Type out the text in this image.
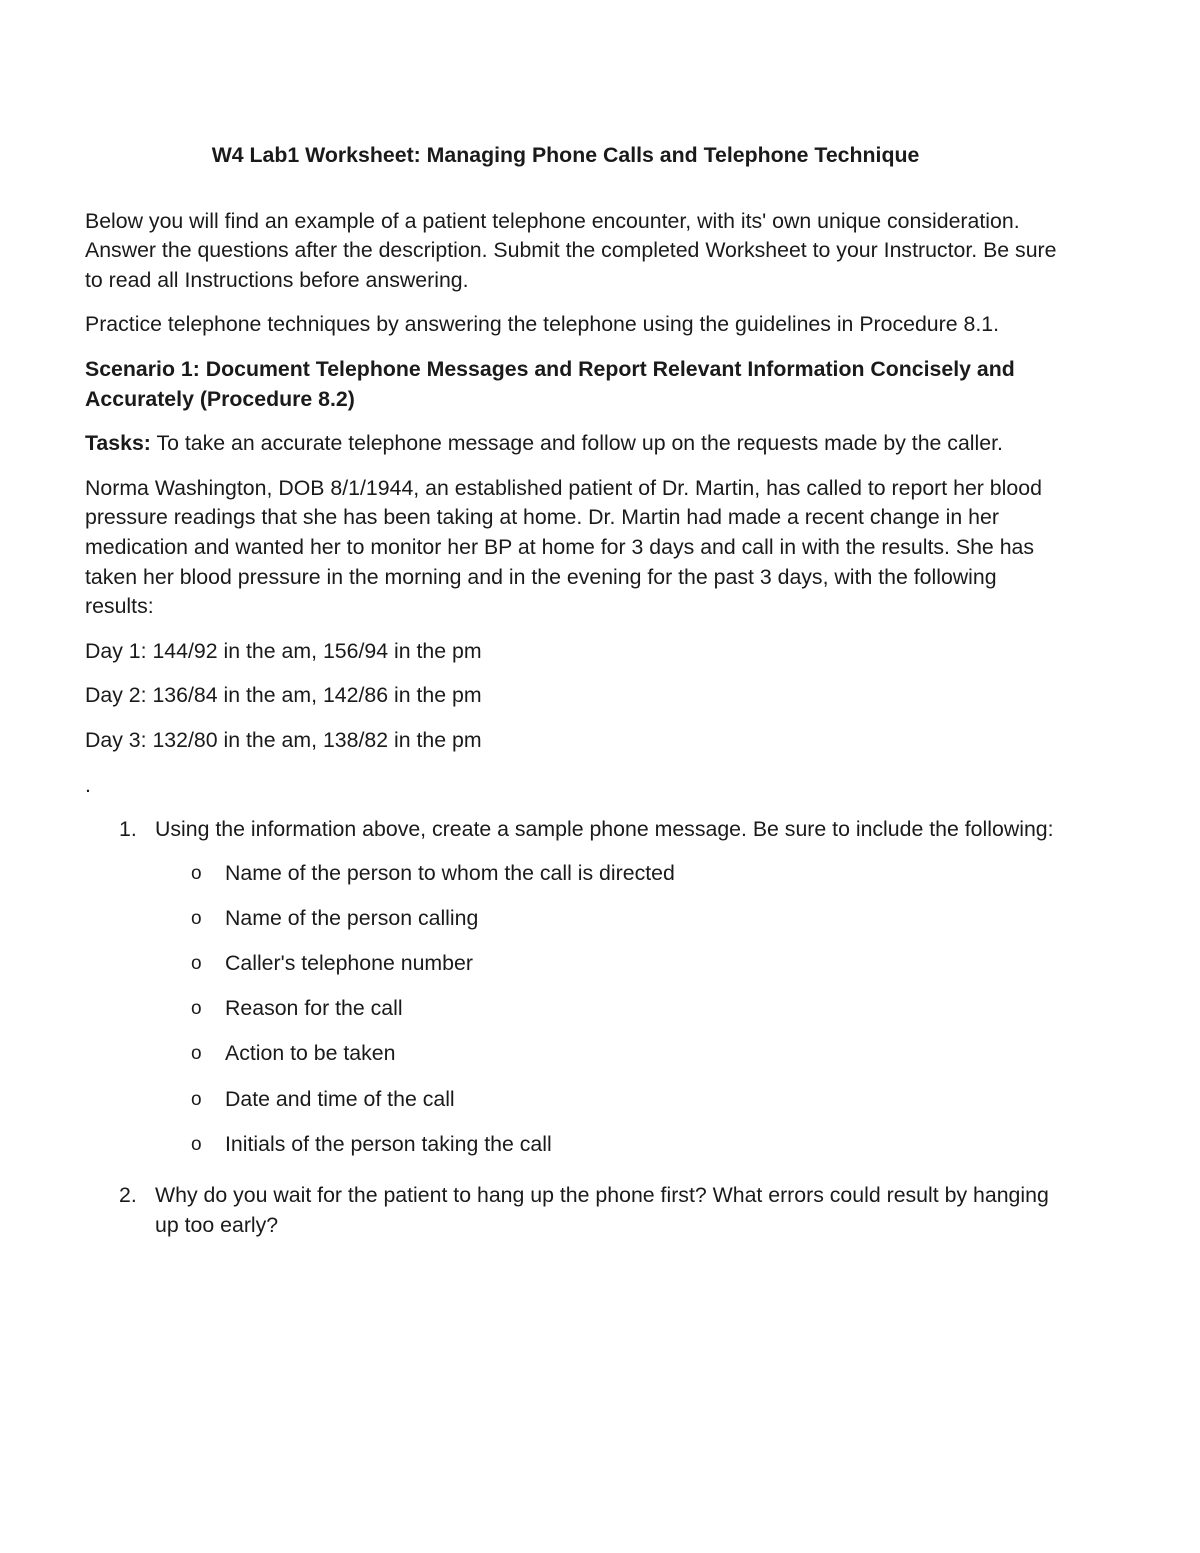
W4 Lab1 Worksheet: Managing Phone Calls and Telephone Technique

Below you will find an example of a patient telephone encounter, with its' own unique consideration. Answer the questions after the description. Submit the completed Worksheet to your Instructor. Be sure to read all Instructions before answering.

Practice telephone techniques by answering the telephone using the guidelines in Procedure 8.1.

Scenario 1: Document Telephone Messages and Report Relevant Information Concisely and Accurately (Procedure 8.2)

Tasks: To take an accurate telephone message and follow up on the requests made by the caller.

Norma Washington, DOB 8/1/1944, an established patient of Dr. Martin, has called to report her blood pressure readings that she has been taking at home. Dr. Martin had made a recent change in her medication and wanted her to monitor her BP at home for 3 days and call in with the results. She has taken her blood pressure in the morning and in the evening for the past 3 days, with the following results:

Day 1: 144/92 in the am, 156/94 in the pm
Day 2: 136/84 in the am, 142/86 in the pm
Day 3: 132/80 in the am, 138/82 in the pm
.
1. Using the information above, create a sample phone message. Be sure to include the following:
o Name of the person to whom the call is directed
o Name of the person calling
o Caller's telephone number
o Reason for the call
o Action to be taken
o Date and time of the call
o Initials of the person taking the call
2. Why do you wait for the patient to hang up the phone first? What errors could result by hanging up too early?
